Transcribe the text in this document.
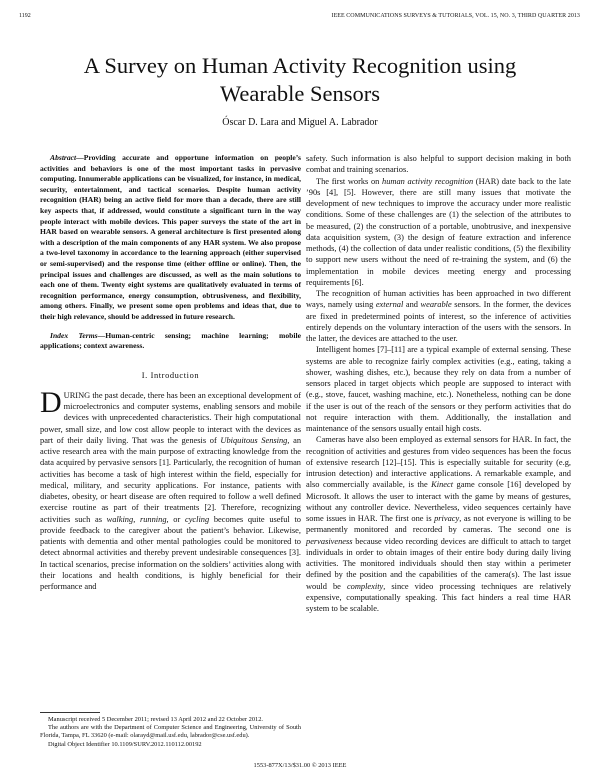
1192	IEEE COMMUNICATIONS SURVEYS & TUTORIALS, VOL. 15, NO. 3, THIRD QUARTER 2013
A Survey on Human Activity Recognition using
Wearable Sensors
Óscar D. Lara and Miguel A. Labrador

Abstract—Providing accurate and opportune information on people’s activities and behaviors is one of the most important tasks in pervasive computing. Innumerable applications can be visualized, for instance, in medical, security, entertainment, and tactical scenarios. Despite human activity recognition (HAR) being an active field for more than a decade, there are still key aspects that, if addressed, would constitute a significant turn in the way people interact with mobile devices. This paper surveys the state of the art in HAR based on wearable sensors. A general architecture is first presented along with a description of the main components of any HAR system. We also propose a two-level taxonomy in accordance to the learning approach (either supervised or semi-supervised) and the response time (either offline or online). Then, the principal issues and challenges are discussed, as well as the main solutions to each one of them. Twenty eight systems are qualitatively evaluated in terms of recognition performance, energy consumption, obtrusiveness, and flexibility, among others. Finally, we present some open problems and ideas that, due to their high relevance, should be addressed in future research.

Index Terms—Human-centric sensing; machine learning; mobile applications; context awareness.

I. Introduction

DURING the past decade, there has been an exceptional development of microelectronics and computer systems, enabling sensors and mobile devices with unprecedented characteristics. Their high computational power, small size, and low cost allow people to interact with the devices as part of their daily living. That was the genesis of Ubiquitous Sensing, an active research area with the main purpose of extracting knowledge from the data acquired by pervasive sensors [1]. Particularly, the recognition of human activities has become a task of high interest within the field, especially for medical, military, and security applications. For instance, patients with diabetes, obesity, or heart disease are often required to follow a well defined exercise routine as part of their treatments [2]. Therefore, recognizing activities such as walking, running, or cycling becomes quite useful to provide feedback to the caregiver about the patient’s behavior. Likewise, patients with dementia and other mental pathologies could be monitored to detect abnormal activities and thereby prevent undesirable consequences [3]. In tactical scenarios, precise information on the soldiers’ activities along with their locations and health conditions, is highly beneficial for their performance and

Manuscript received 5 December 2011; revised 13 April 2012 and 22 October 2012.

The authors are with the Department of Computer Science and Engineering, University of South Florida, Tampa, FL 33620 (e-mail: olarayd@mail.usf.edu, labrador@cse.usf.edu).

Digital Object Identifier 10.1109/SURV.2012.110112.00192

safety. Such information is also helpful to support decision making in both combat and training scenarios.

The first works on human activity recognition (HAR) date back to the late ’90s [4], [5]. However, there are still many issues that motivate the development of new techniques to improve the accuracy under more realistic conditions. Some of these challenges are (1) the selection of the attributes to be measured, (2) the construction of a portable, unobtrusive, and inexpensive data acquisition system, (3) the design of feature extraction and inference methods, (4) the collection of data under realistic conditions, (5) the flexibility to support new users without the need of re-training the system, and (6) the implementation in mobile devices meeting energy and processing requirements [6].

The recognition of human activities has been approached in two different ways, namely using external and wearable sensors. In the former, the devices are fixed in predetermined points of interest, so the inference of activities entirely depends on the voluntary interaction of the users with the sensors. In the latter, the devices are attached to the user.

Intelligent homes [7]–[11] are a typical example of external sensing. These systems are able to recognize fairly complex activities (e.g., eating, taking a shower, washing dishes, etc.), because they rely on data from a number of sensors placed in target objects which people are supposed to interact with (e.g., stove, faucet, washing machine, etc.). Nonetheless, nothing can be done if the user is out of the reach of the sensors or they perform activities that do not require interaction with them. Additionally, the installation and maintenance of the sensors usually entail high costs.

Cameras have also been employed as external sensors for HAR. In fact, the recognition of activities and gestures from video sequences has been the focus of extensive research [12]–[15]. This is especially suitable for security (e.g, intrusion detection) and interactive applications. A remarkable example, and also commercially available, is the Kinect game console [16] developed by Microsoft. It allows the user to interact with the game by means of gestures, without any controller device. Nevertheless, video sequences certainly have some issues in HAR. The first one is privacy, as not everyone is willing to be permanently monitored and recorded by cameras. The second one is pervasiveness because video recording devices are difficult to attach to target individuals in order to obtain images of their entire body during daily living activities. The monitored individuals should then stay within a perimeter defined by the position and the capabilities of the camera(s). The last issue would be complexity, since video processing techniques are relatively expensive, computationally speaking. This fact hinders a real time HAR system to be scalable.

1553-877X/13/$31.00 © 2013 IEEE
